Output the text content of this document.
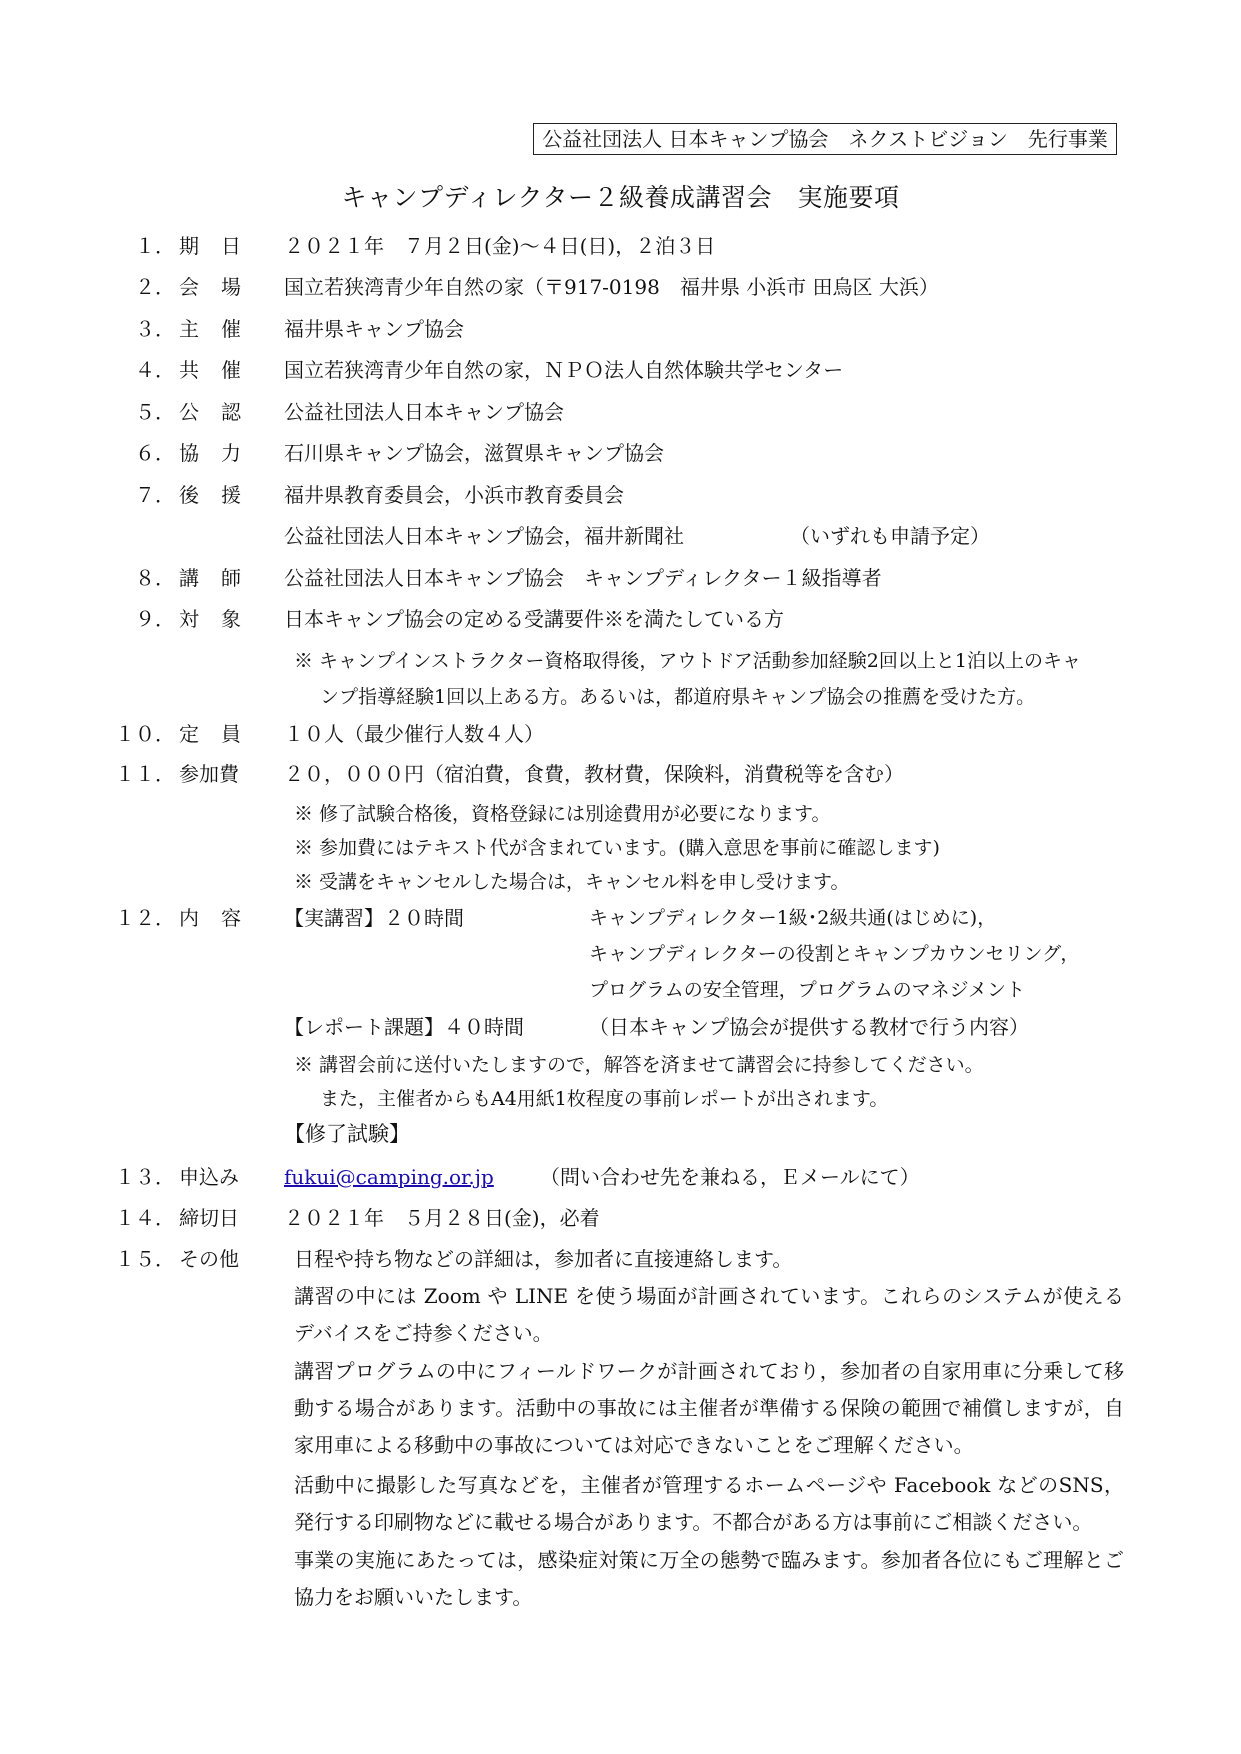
公益社団法人 日本キャンプ協会　ネクストビジョン　先行事業
キャンプディレクター２級養成講習会　実施要項
１． 期日 ２０２１年　７月２日(金)～４日(日)，２泊３日
２． 会場 国立若狭湾青少年自然の家（〒917-0198　福井県 小浜市 田烏区 大浜）
３． 主催 福井県キャンプ協会
４． 共催 国立若狭湾青少年自然の家，ＮＰＯ法人自然体験共学センター
５． 公認 公益社団法人日本キャンプ協会
６． 協力 石川県キャンプ協会，滋賀県キャンプ協会
７． 後援 福井県教育委員会，小浜市教育委員会
公益社団法人日本キャンプ協会，福井新聞社	（いずれも申請予定）
８． 講師 公益社団法人日本キャンプ協会　キャンプディレクター１級指導者
９． 対象 日本キャンプ協会の定める受講要件※を満たしている方
※ キャンプインストラクター資格取得後，アウトドア活動参加経験2回以上と1泊以上のキャ
ンプ指導経験1回以上ある方。あるいは，都道府県キャンプ協会の推薦を受けた方。
１０． 定員 １０人（最少催行人数４人）
１１． 参加費 ２０，０００円（宿泊費，食費，教材費，保険料，消費税等を含む）
※ 修了試験合格後，資格登録には別途費用が必要になります。
※ 参加費にはテキスト代が含まれています。(購入意思を事前に確認します)
※ 受講をキャンセルした場合は，キャンセル料を申し受けます。
１２． 内容 【実講習】２０時間	キャンプディレクター1級･2級共通(はじめに)，
キャンプディレクターの役割とキャンプカウンセリング，
プログラムの安全管理，プログラムのマネジメント
【レポート課題】４０時間	（日本キャンプ協会が提供する教材で行う内容）
※ 講習会前に送付いたしますので，解答を済ませて講習会に持参してください。
また，主催者からもA4用紙1枚程度の事前レポートが出されます。
【修了試験】
１３． 申込み fukui@camping.or.jp （問い合わせ先を兼ねる，Ｅメールにて）
１４． 締切日 ２０２１年　５月２８日(金)，必着
１５． その他	日程や持ち物などの詳細は，参加者に直接連絡します。
講習の中には Zoom や LINE を使う場面が計画されています。これらのシステムが使えるデバイスをご持参ください。
講習プログラムの中にフィールドワークが計画されており，参加者の自家用車に分乗して移動する場合があります。活動中の事故には主催者が準備する保険の範囲で補償しますが，自家用車による移動中の事故については対応できないことをご理解ください。
活動中に撮影した写真などを，主催者が管理するホームページや Facebook などのSNS，発行する印刷物などに載せる場合があります。不都合がある方は事前にご相談ください。
事業の実施にあたっては，感染症対策に万全の態勢で臨みます。参加者各位にもご理解とご協力をお願いいたします。
